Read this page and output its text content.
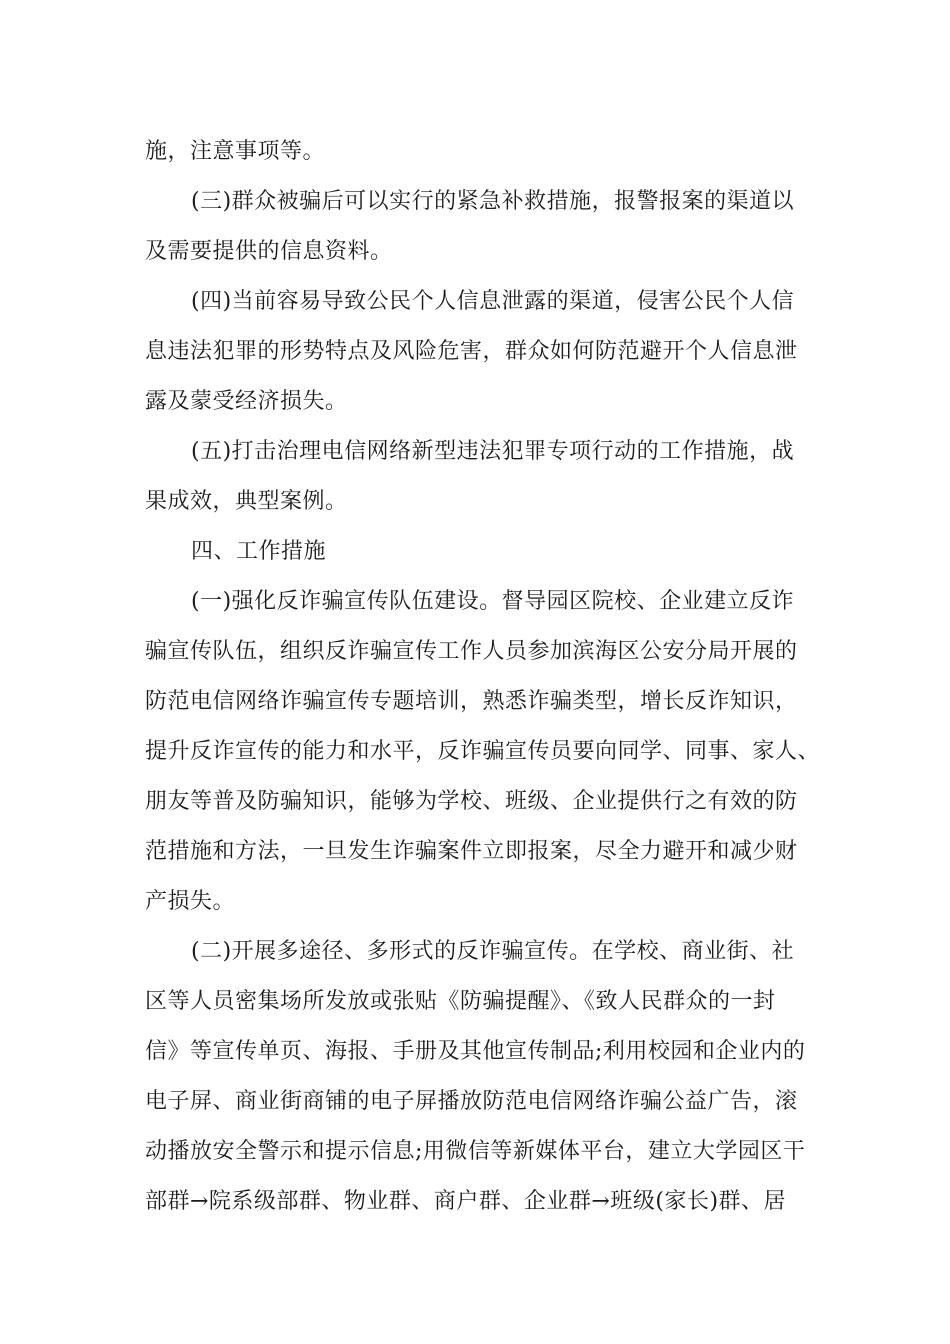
施，注意事项等。
(三)群众被骗后可以实行的紧急补救措施，报警报案的渠道以
及需要提供的信息资料。
(四)当前容易导致公民个人信息泄露的渠道，侵害公民个人信
息违法犯罪的形势特点及风险危害，群众如何防范避开个人信息泄
露及蒙受经济损失。
(五)打击治理电信网络新型违法犯罪专项行动的工作措施，战
果成效，典型案例。
四、工作措施
(一)强化反诈骗宣传队伍建设。督导园区院校、企业建立反诈
骗宣传队伍，组织反诈骗宣传工作人员参加滨海区公安分局开展的
防范电信网络诈骗宣传专题培训，熟悉诈骗类型，增长反诈知识，
提升反诈宣传的能力和水平，反诈骗宣传员要向同学、同事、家人、
朋友等普及防骗知识，能够为学校、班级、企业提供行之有效的防
范措施和方法，一旦发生诈骗案件立即报案，尽全力避开和减少财
产损失。
(二)开展多途径、多形式的反诈骗宣传。在学校、商业街、社
区等人员密集场所发放或张贴《防骗提醒》、《致人民群众的一封
信》等宣传单页、海报、手册及其他宣传制品;利用校园和企业内的
电子屏、商业街商铺的电子屏播放防范电信网络诈骗公益广告，滚
动播放安全警示和提示信息;用微信等新媒体平台，建立大学园区干
部群→院系级部群、物业群、商户群、企业群→班级(家长)群、居
